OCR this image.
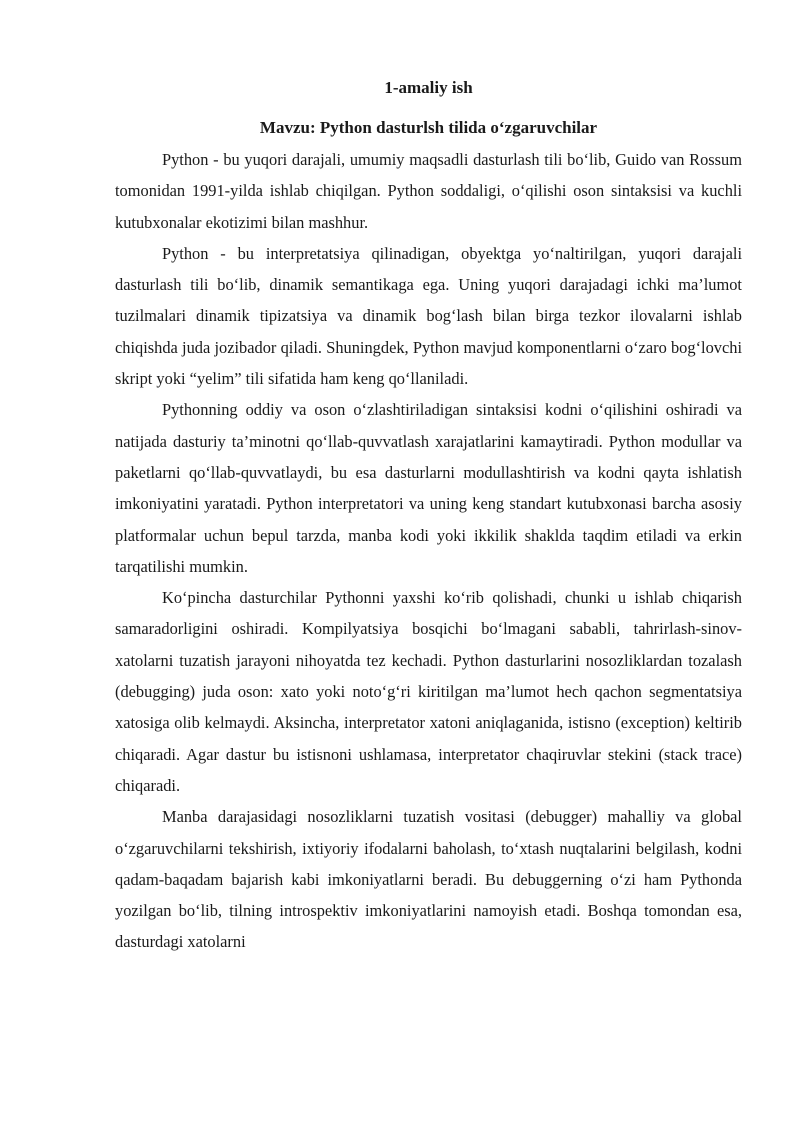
1-amaliy ish
Mavzu: Python dasturlsh tilida o‘zgaruvchilar

Python - bu yuqori darajali, umumiy maqsadli dasturlash tili bo‘lib, Guido van Rossum tomonidan 1991-yilda ishlab chiqilgan. Python soddaligi, o‘qilishi oson sintaksisi va kuchli kutubxonalar ekotizimi bilan mashhur.

Python - bu interpretatsiya qilinadigan, obyektga yo‘naltirilgan, yuqori darajali dasturlash tili bo‘lib, dinamik semantikaga ega. Uning yuqori darajadagi ichki ma’lumot tuzilmalari dinamik tipizatsiya va dinamik bog‘lash bilan birga tezkor ilovalarni ishlab chiqishda juda jozibador qiladi. Shuningdek, Python mavjud komponentlarni o‘zaro bog‘lovchi skript yoki “yelim” tili sifatida ham keng qo‘llaniladi.

Pythonning oddiy va oson o‘zlashtiriladigan sintaksisi kodni o‘qilishini oshiradi va natijada dasturiy ta’minotni qo‘llab-quvvatlash xarajatlarini kamaytiradi. Python modullar va paketlarni qo‘llab-quvvatlaydi, bu esa dasturlarni modullashtirish va kodni qayta ishlatish imkoniyatini yaratadi. Python interpretatori va uning keng standart kutubxonasi barcha asosiy platformalar uchun bepul tarzda, manba kodi yoki ikkilik shaklda taqdim etiladi va erkin tarqatilishi mumkin.

Ko‘pincha dasturchilar Pythonni yaxshi ko‘rib qolishadi, chunki u ishlab chiqarish samaradorligini oshiradi. Kompilyatsiya bosqichi bo‘lmagani sababli, tahrirlash-sinov-xatolarni tuzatish jarayoni nihoyatda tez kechadi. Python dasturlarini nosozliklardan tozalash (debugging) juda oson: xato yoki noto‘g‘ri kiritilgan ma’lumot hech qachon segmentatsiya xatosiga olib kelmaydi. Aksincha, interpretator xatoni aniqlaganida, istisno (exception) keltirib chiqaradi. Agar dastur bu istisnoni ushlamasa, interpretator chaqiruvlar stekini (stack trace) chiqaradi.

Manba darajasidagi nosozliklarni tuzatish vositasi (debugger) mahalliy va global o‘zgaruvchilarni tekshirish, ixtiyoriy ifodalarni baholash, to‘xtash nuqtalarini belgilash, kodni qadam-baqadam bajarish kabi imkoniyatlarni beradi. Bu debuggerning o‘zi ham Pythonda yozilgan bo‘lib, tilning introspektiv imkoniyatlarini namoyish etadi. Boshqa tomondan esa, dasturdagi xatolarni
